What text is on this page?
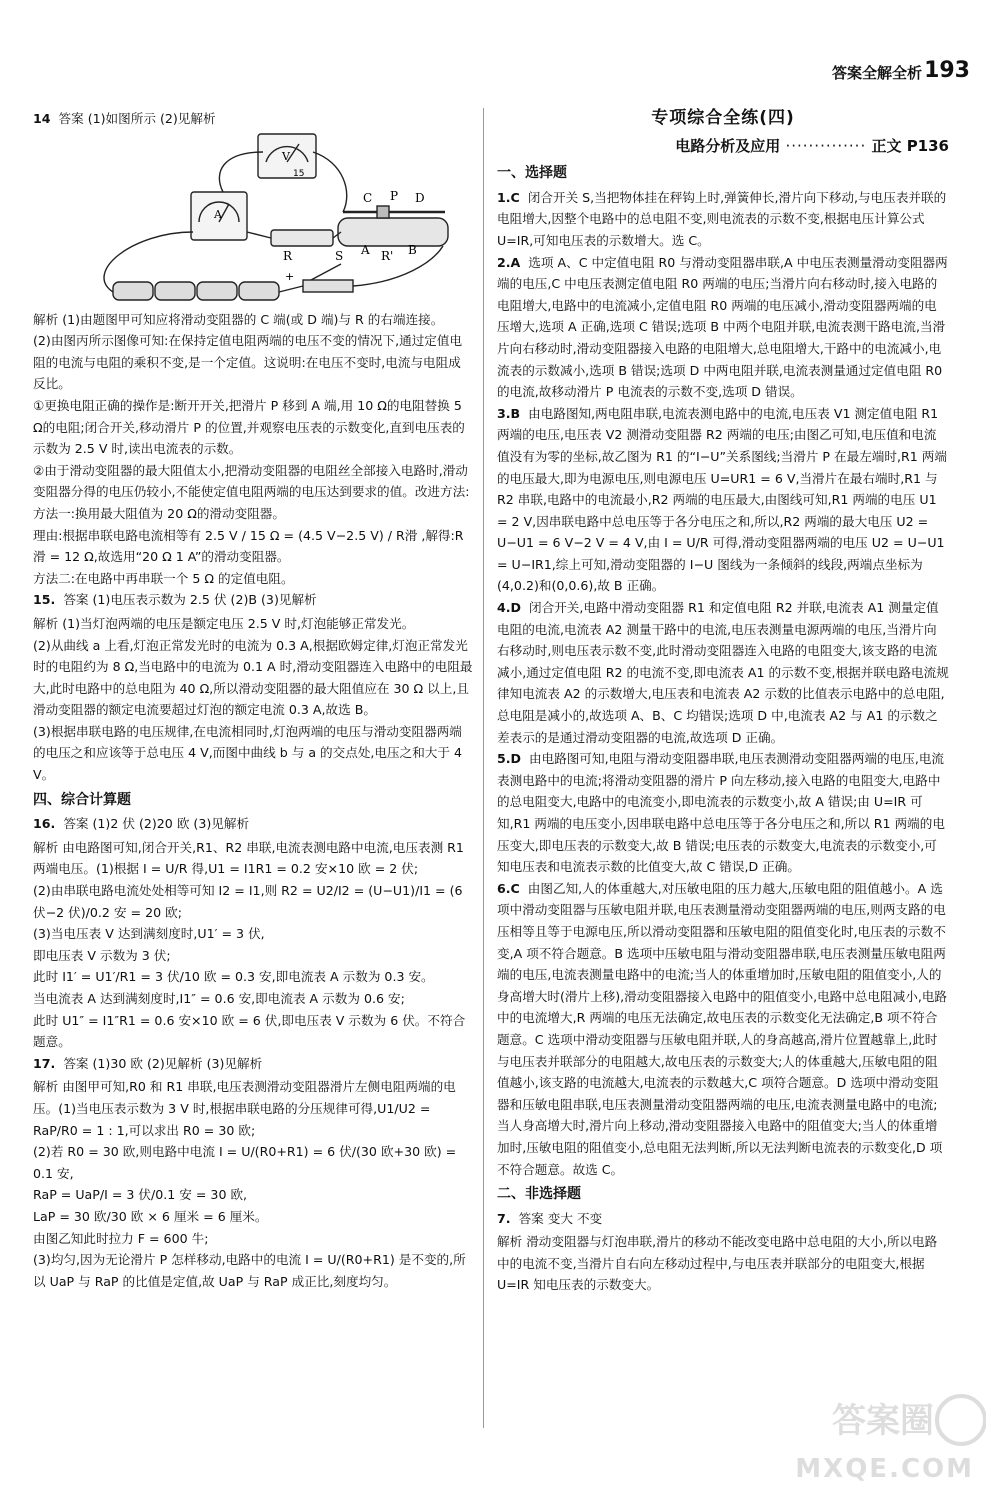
答案全解全析 193
14 答案 (1)如图所示 (2)见解析
C P D
A R' B
R	S
V
A
15
+

解析 (1)由题图甲可知应将滑动变阻器的 C 端(或 D 端)与 R 的右端连接。

(2)由图丙所示图像可知:在保持定值电阻两端的电压不变的情况下,通过定值电阻的电流与电阻的乘积不变,是一个定值。这说明:在电压不变时,电流与电阻成反比。

①更换电阻正确的操作是:断开开关,把滑片 P 移到 A 端,用 10 Ω的电阻替换 5 Ω的电阻;闭合开关,移动滑片 P 的位置,并观察电压表的示数变化,直到电压表的示数为 2.5 V 时,读出电流表的示数。

②由于滑动变阻器的最大阻值太小,把滑动变阻器的电阻丝全部接入电路时,滑动变阻器分得的电压仍较小,不能使定值电阻两端的电压达到要求的值。改进方法:

方法一:换用最大阻值为 20 Ω的滑动变阻器。

理由:根据串联电路电流相等有 2.5 V / 15 Ω = (4.5 V−2.5 V) / R滑 ,解得:R滑 = 12 Ω,故选用“20 Ω 1 A”的滑动变阻器。

方法二:在电路中再串联一个 5 Ω 的定值电阻。

15. 答案 (1)电压表示数为 2.5 伏 (2)B (3)见解析

解析 (1)当灯泡两端的电压是额定电压 2.5 V 时,灯泡能够正常发光。

(2)从曲线 a 上看,灯泡正常发光时的电流为 0.3 A,根据欧姆定律,灯泡正常发光时的电阻约为 8 Ω,当电路中的电流为 0.1 A 时,滑动变阻器连入电路中的电阻最大,此时电路中的总电阻为 40 Ω,所以滑动变阻器的最大阻值应在 30 Ω 以上,且滑动变阻器的额定电流要超过灯泡的额定电流 0.3 A,故选 B。

(3)根据串联电路的电压规律,在电流相同时,灯泡两端的电压与滑动变阻器两端的电压之和应该等于总电压 4 V,而图中曲线 b 与 a 的交点处,电压之和大于 4 V。

四、综合计算题
16. 答案 (1)2 伏 (2)20 欧 (3)见解析

解析 由电路图可知,闭合开关,R1、R2 串联,电流表测电路中电流,电压表测 R1 两端电压。(1)根据 I = U/R 得,U1 = I1R1 = 0.2 安×10 欧 = 2 伏;

(2)由串联电路电流处处相等可知 I2 = I1,则 R2 = U2/I2 = (U−U1)/I1 = (6 伏−2 伏)/0.2 安 = 20 欧;

(3)当电压表 V 达到满刻度时,U1′ = 3 伏,

即电压表 V 示数为 3 伏;

此时 I1′ = U1′/R1 = 3 伏/10 欧 = 0.3 安,即电流表 A 示数为 0.3 安。

当电流表 A 达到满刻度时,I1″ = 0.6 安,即电流表 A 示数为 0.6 安;

此时 U1″ = I1″R1 = 0.6 安×10 欧 = 6 伏,即电压表 V 示数为 6 伏。不符合题意。

17. 答案 (1)30 欧 (2)见解析 (3)见解析

解析 由图甲可知,R0 和 R1 串联,电压表测滑动变阻器滑片左侧电阻两端的电压。(1)当电压表示数为 3 V 时,根据串联电路的分压规律可得,U1/U2 = RaP/R0 = 1 : 1,可以求出 R0 = 30 欧;

(2)若 R0 = 30 欧,则电路中电流 I = U/(R0+R1) = 6 伏/(30 欧+30 欧) = 0.1 安,

RaP = UaP/I = 3 伏/0.1 安 = 30 欧,

LaP = 30 欧/30 欧 × 6 厘米 = 6 厘米。

由图乙知此时拉力 F = 600 牛;

(3)均匀,因为无论滑片 P 怎样移动,电路中的电流 I = U/(R0+R1) 是不变的,所以 UaP 与 RaP 的比值是定值,故 UaP 与 RaP 成正比,刻度均匀。

专项综合全练(四)
电路分析及应用 ·············· 正文 P136
一、选择题

1.C 闭合开关 S,当把物体挂在秤钩上时,弹簧伸长,滑片向下移动,与电压表并联的电阻增大,因整个电路中的总电阻不变,则电流表的示数不变,根据电压计算公式 U=IR,可知电压表的示数增大。选 C。

2.A 选项 A、C 中定值电阻 R0 与滑动变阻器串联,A 中电压表测量滑动变阻器两端的电压,C 中电压表测定值电阻 R0 两端的电压;当滑片向右移动时,接入电路的电阻增大,电路中的电流减小,定值电阻 R0 两端的电压减小,滑动变阻器两端的电压增大,选项 A 正确,选项 C 错误;选项 B 中两个电阻并联,电流表测干路电流,当滑片向右移动时,滑动变阻器接入电路的电阻增大,总电阻增大,干路中的电流减小,电流表的示数减小,选项 B 错误;选项 D 中两电阻并联,电流表测量通过定值电阻 R0 的电流,故移动滑片 P 电流表的示数不变,选项 D 错误。

3.B 由电路图知,两电阻串联,电流表测电路中的电流,电压表 V1 测定值电阻 R1 两端的电压,电压表 V2 测滑动变阻器 R2 两端的电压;由图乙可知,电压值和电流值没有为零的坐标,故乙图为 R1 的“I−U”关系图线;当滑片 P 在最左端时,R1 两端的电压最大,即为电源电压,则电源电压 U=UR1 = 6 V,当滑片在最右端时,R1 与 R2 串联,电路中的电流最小,R2 两端的电压最大,由图线可知,R1 两端的电压 U1 = 2 V,因串联电路中总电压等于各分电压之和,所以,R2 两端的最大电压 U2 = U−U1 = 6 V−2 V = 4 V,由 I = U/R 可得,滑动变阻器两端的电压 U2 = U−U1 = U−IR1,综上可知,滑动变阻器的 I−U 图线为一条倾斜的线段,两端点坐标为(4,0.2)和(0,0.6),故 B 正确。

4.D 闭合开关,电路中滑动变阻器 R1 和定值电阻 R2 并联,电流表 A1 测量定值电阻的电流,电流表 A2 测量干路中的电流,电压表测量电源两端的电压,当滑片向右移动时,则电压表示数不变,此时滑动变阻器连入电路的电阻变大,该支路的电流减小,通过定值电阻 R2 的电流不变,即电流表 A1 的示数不变,根据并联电路电流规律知电流表 A2 的示数增大,电压表和电流表 A2 示数的比值表示电路中的总电阻,总电阻是减小的,故选项 A、B、C 均错误;选项 D 中,电流表 A2 与 A1 的示数之差表示的是通过滑动变阻器的电流,故选项 D 正确。

5.D 由电路图可知,电阻与滑动变阻器串联,电压表测滑动变阻器两端的电压,电流表测电路中的电流;将滑动变阻器的滑片 P 向左移动,接入电路的电阻变大,电路中的总电阻变大,电路中的电流变小,即电流表的示数变小,故 A 错误;由 U=IR 可知,R1 两端的电压变小,因串联电路中总电压等于各分电压之和,所以 R1 两端的电压变大,即电压表的示数变大,故 B 错误;电压表的示数变大,电流表的示数变小,可知电压表和电流表示数的比值变大,故 C 错误,D 正确。

6.C 由图乙知,人的体重越大,对压敏电阻的压力越大,压敏电阻的阻值越小。A 选项中滑动变阻器与压敏电阻并联,电压表测量滑动变阻器两端的电压,则两支路的电压相等且等于电源电压,所以滑动变阻器和压敏电阻的阻值变化时,电压表的示数不变,A 项不符合题意。B 选项中压敏电阻与滑动变阻器串联,电压表测量压敏电阻两端的电压,电流表测量电路中的电流;当人的体重增加时,压敏电阻的阻值变小,人的身高增大时(滑片上移),滑动变阻器接入电路中的阻值变小,电路中总电阻减小,电路中的电流增大,R 两端的电压无法确定,故电压表的示数变化无法确定,B 项不符合题意。C 选项中滑动变阻器与压敏电阻并联,人的身高越高,滑片位置越靠上,此时与电压表并联部分的电阻越大,故电压表的示数变大;人的体重越大,压敏电阻的阻值越小,该支路的电流越大,电流表的示数越大,C 项符合题意。D 选项中滑动变阻器和压敏电阻串联,电压表测量滑动变阻器两端的电压,电流表测量电路中的电流;当人身高增大时,滑片向上移动,滑动变阻器接入电路中的阻值变大;当人的体重增加时,压敏电阻的阻值变小,总电阻无法判断,所以无法判断电流表的示数变化,D 项不符合题意。故选 C。

二、非选择题
7. 答案 变大 不变

解析 滑动变阻器与灯泡串联,滑片的移动不能改变电路中总电阻的大小,所以电路中的电流不变,当滑片自右向左移动过程中,与电压表并联部分的电阻变大,根据 U=IR 知电压表的示数变大。

答案圈
MXQE.COM
